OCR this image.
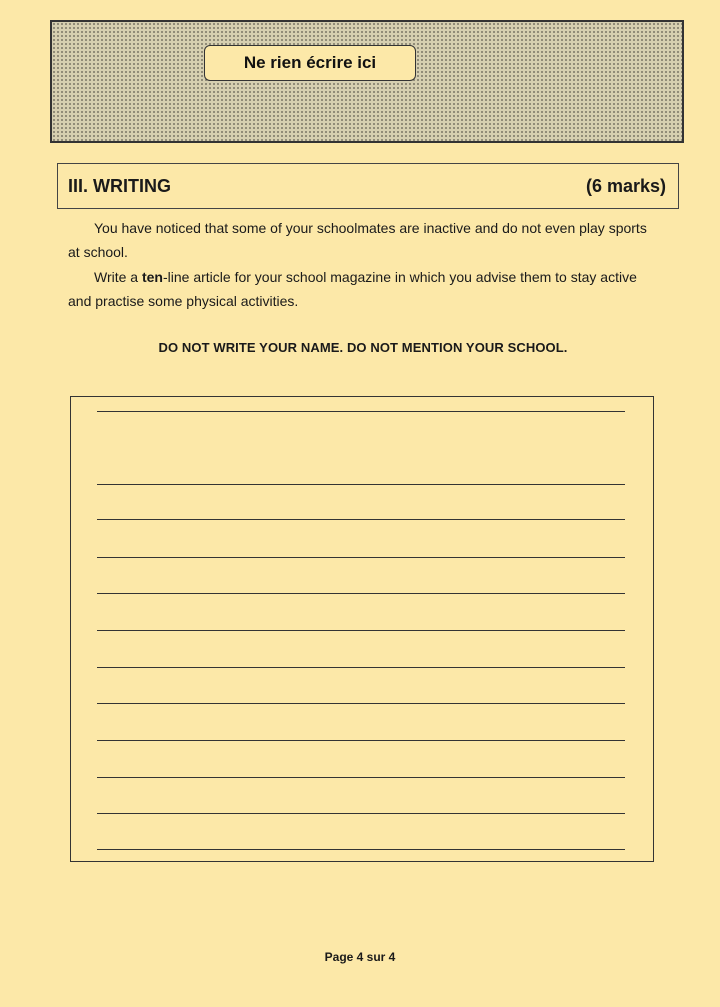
Ne rien écrire ici
III. WRITING	(6 marks)
You have noticed that some of your schoolmates are inactive and do not even play sports at school.
Write a ten-line article for your school magazine in which you advise them to stay active and practise some physical activities.
DO NOT WRITE YOUR NAME. DO NOT MENTION YOUR SCHOOL.
Page 4 sur 4
